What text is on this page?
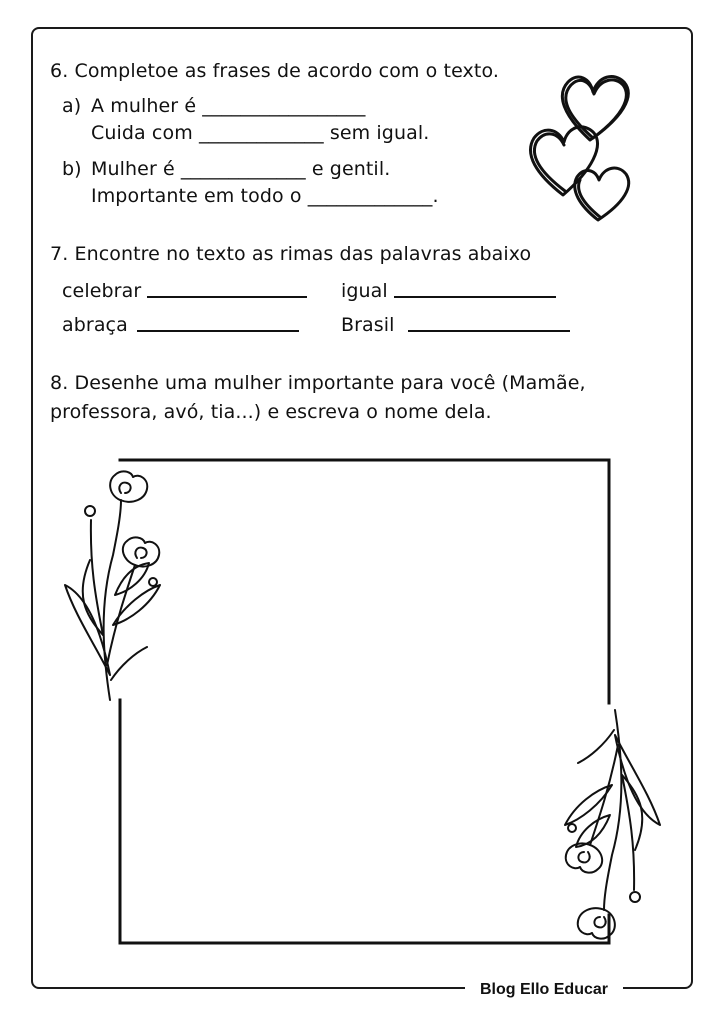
6. Completoe as frases de acordo com o texto.
a) A mulher é _________________
Cuida com _____________ sem igual.
b) Mulher é _____________ e gentil.
Importante em todo o _____________.
7. Encontre no texto as rimas das palavras abaixo
celebrar	igual
abraça	Brasil
8. Desenhe uma mulher importante para você (Mamãe,
professora, avó, tia...) e escreva o nome dela.
Blog Ello Educar
